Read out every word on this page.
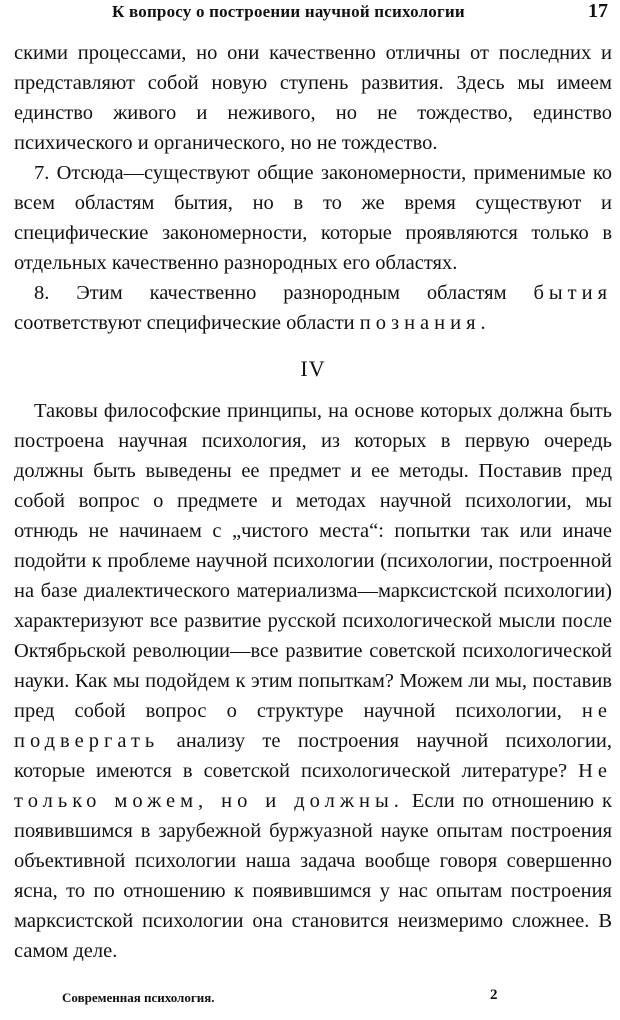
К вопросу о построении научной психологии	17

скими процессами, но они качественно отличны от последних и представляют собой новую ступень развития. Здесь мы имеем единство живого и неживого, но не тождество, единство психического и органического, но не тождество.

7. Отсюда—существуют общие закономерности, применимые ко всем областям бытия, но в то же время существуют и специфические закономерности, которые проявляются только в отдельных качественно разнородных его областях.

8. Этим качественно разнородным областям бытия соответствуют специфические области познания.

IV

Таковы философские принципы, на основе которых должна быть построена научная психология, из которых в первую очередь должны быть выведены ее предмет и ее методы. Поставив пред собой вопрос о предмете и методах научной психологии, мы отнюдь не начинаем с „чистого места“: попытки так или иначе подойти к проблеме научной психологии (психологии, построенной на базе диалектического материализма—марксистской психологии) характеризуют все развитие русской психологической мысли после Октябрьской революции—все развитие советской психологической науки. Как мы подойдем к этим попыткам? Можем ли мы, поставив пред собой вопрос о структуре научной психологии, не подвергать анализу те построения научной психологии, которые имеются в советской психологической литературе? Не только можем, но и должны. Если по отношению к появившимся в зарубежной буржуазной науке опытам построения объективной психологии наша задача вообще говоря совершенно ясна, то по отношению к появившимся у нас опытам построения марксистской психологии она становится неизмеримо сложнее. В самом деле.

Современная психология.	2
